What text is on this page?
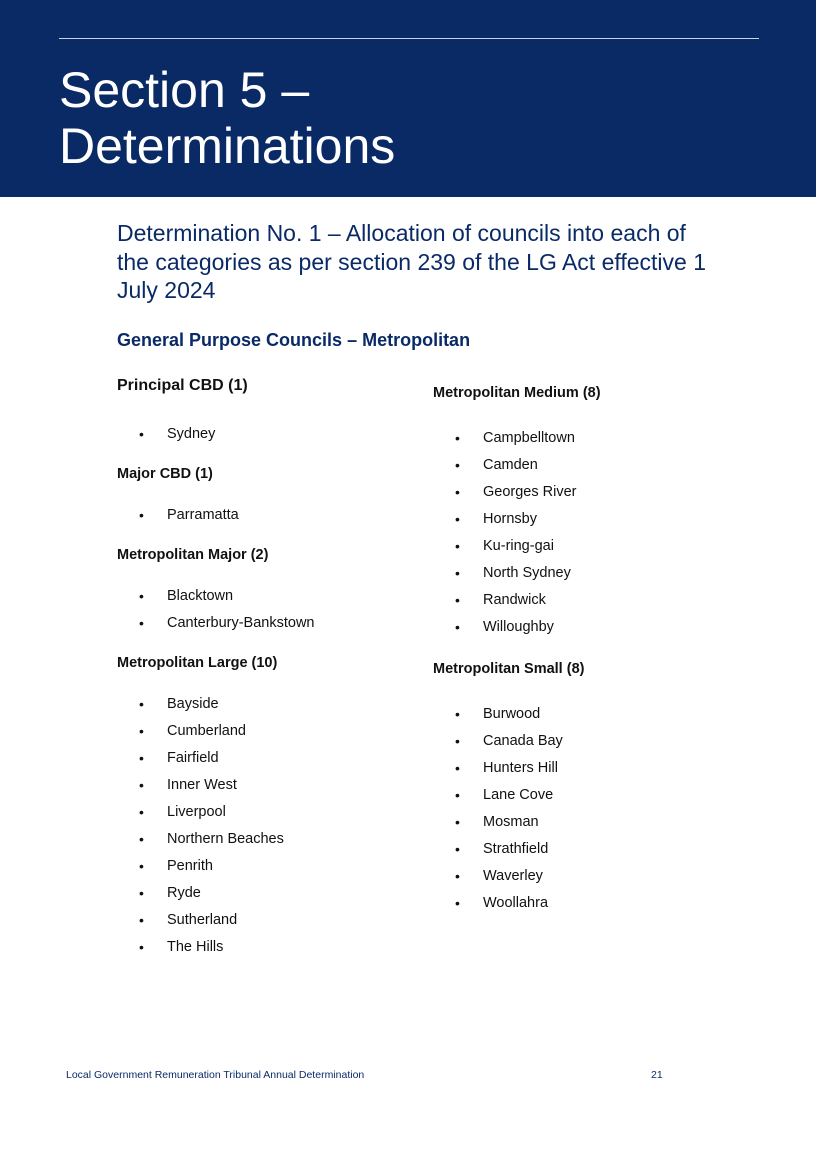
Section 5 –
Determinations
Determination No. 1 – Allocation of councils into each of the categories as per section 239 of the LG Act effective 1 July 2024
General Purpose Councils – Metropolitan

Principal CBD (1)

• Sydney

Major CBD (1)

• Parramatta

Metropolitan Major (2)

• Blacktown
• Canterbury-Bankstown

Metropolitan Large (10)

• Bayside
• Cumberland
• Fairfield
• Inner West
• Liverpool
• Northern Beaches
• Penrith
• Ryde
• Sutherland
• The Hills

Metropolitan Medium (8)

• Campbelltown
• Camden
• Georges River
• Hornsby
• Ku-ring-gai
• North Sydney
• Randwick
• Willoughby

Metropolitan Small (8)

• Burwood
• Canada Bay
• Hunters Hill
• Lane Cove
• Mosman
• Strathfield
• Waverley
• Woollahra
Local Government Remuneration Tribunal Annual Determination	21
